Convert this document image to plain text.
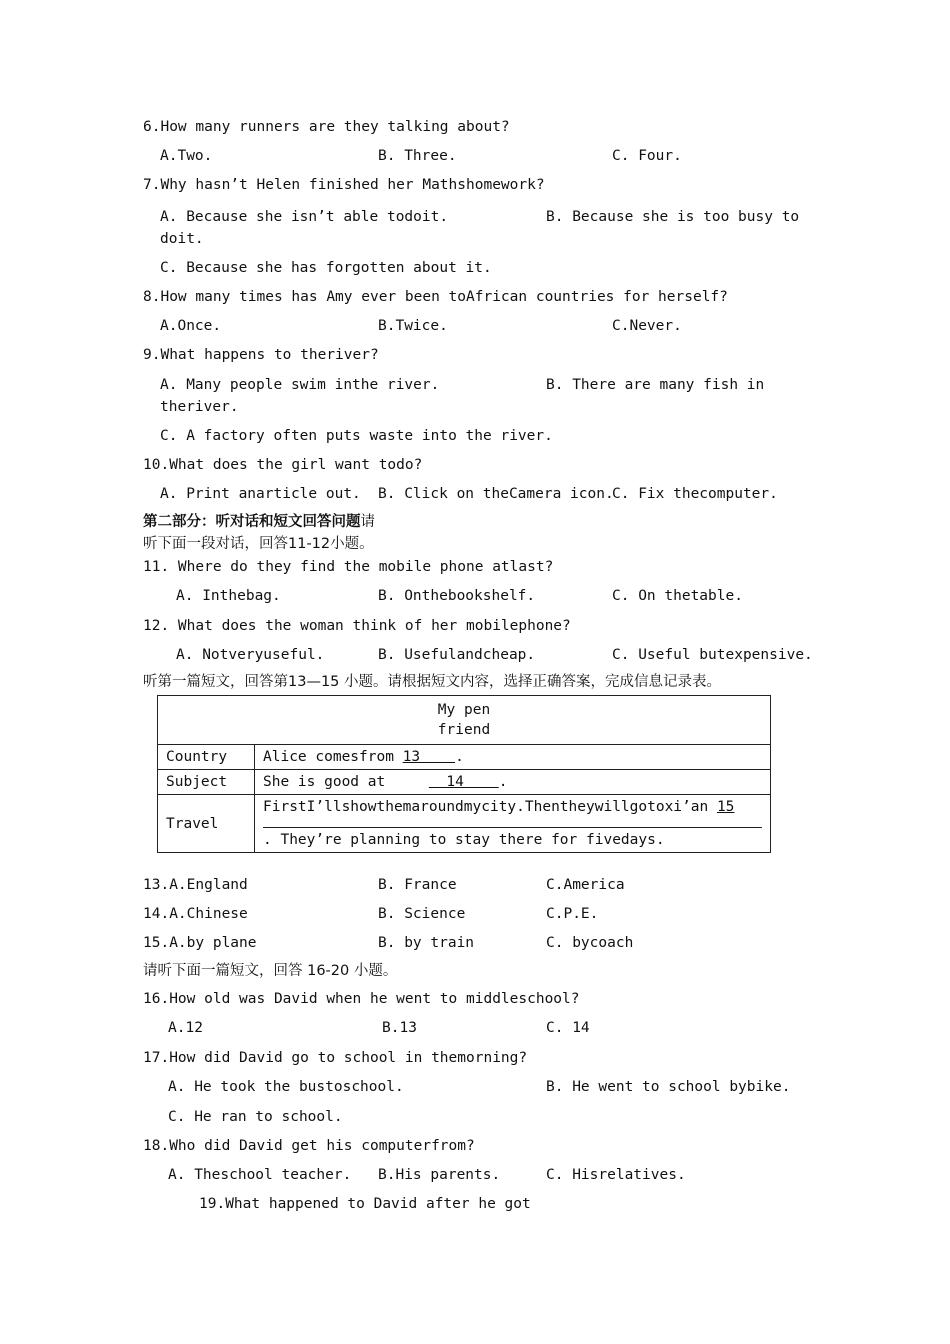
6.How many runners are they talking about?
A.Two.	B. Three.	C. Four.
7.Why hasn’t Helen finished her Mathshomework?
A. Because she isn’t able todoit.	B. Because she is too busy to
doit.
C. Because she has forgotten about it.
8.How many times has Amy ever been toAfrican countries for herself?
A.Once.	B.Twice.	C.Never.
9.What happens to theriver?
A. Many people swim inthe river.	B. There are many fish in
theriver.
C. A factory often puts waste into the river.
10.What does the girl want todo?
A. Print anarticle out. B. Click on theCamera icon.
C. Fix thecomputer.
第二部分：听对话和短文回答问题请
听下面一段对话，回答11-12小题。
11. Where do they find the mobile phone atlast?
A. Inthebag.	B. Onthebookshelf.	C. On thetable.
12. What does the woman think of her mobilephone?
A. Notveryuseful.	B. Usefulandcheap.	C. Useful butexpensive.
听第一篇短文，回答第13—15 小题。请根据短文内容，选择正确答案，完成信息记录表。
My pen
friend	

Country	Alice comesfrom 13    .
Subject	She is good at       14    .
Travel	FirstI’llshowthemaroundmycity.Thentheywillgotoxi’an 15
. They’re planning to stay there for fivedays.
13.A.England	B. France	C.America
14.A.Chinese	B. Science	C.P.E.
15.A.by plane	B. by train	C. bycoach
请听下面一篇短文，回答 16-20 小题。
16.How old was David when he went to middleschool?
A.12	B.13	C. 14
17.How did David go to school in themorning?
A. He took the bustoschool.	B. He went to school bybike.
C. He ran to school.
18.Who did David get his computerfrom?
A. Theschool teacher. B.His parents.	C. Hisrelatives.
19.What happened to David after he got
